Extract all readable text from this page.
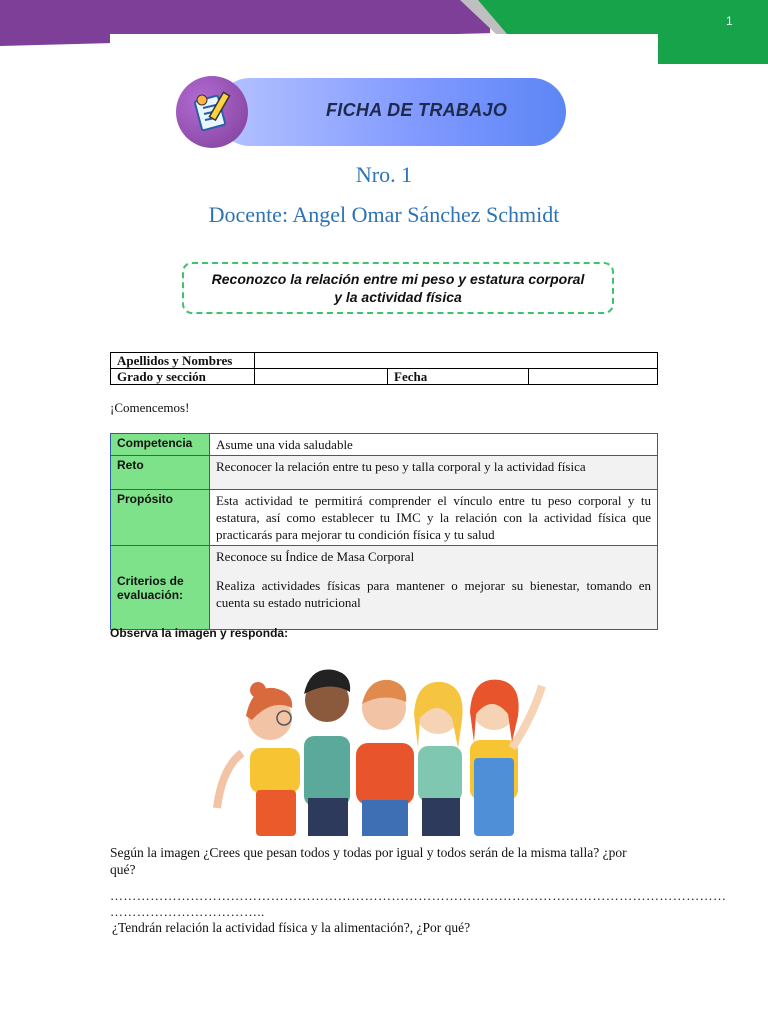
1
FICHA DE TRABAJO
Nro. 1
Docente: Angel Omar Sánchez Schmidt
Reconozco la relación entre mi peso y estatura corporal y la actividad física
Apellidos y Nombres			
Grado y sección		Fecha	
¡Comencemos!
Competencia	Asume una vida saludable
Reto	Reconocer la relación entre tu peso y talla corporal y la actividad física
Propósito	Esta actividad te permitirá comprender el vínculo entre tu peso corporal y tu estatura, así como establecer tu IMC y la relación con la actividad física que practicarás para mejorar tu condición física y tu salud
Criterios de evaluación:	Reconoce su Índice de Masa Corporal
Realiza actividades físicas para mantener o mejorar su bienestar, tomando en cuenta su estado nutricional
Observa la imagen y responda:
Según la imagen ¿Crees que pesan todos y todas por igual y todos serán de la misma talla? ¿por qué?
…………………………………………………………………………………………………………………………
……………………………..
¿Tendrán relación la actividad física y la alimentación?, ¿Por qué?
